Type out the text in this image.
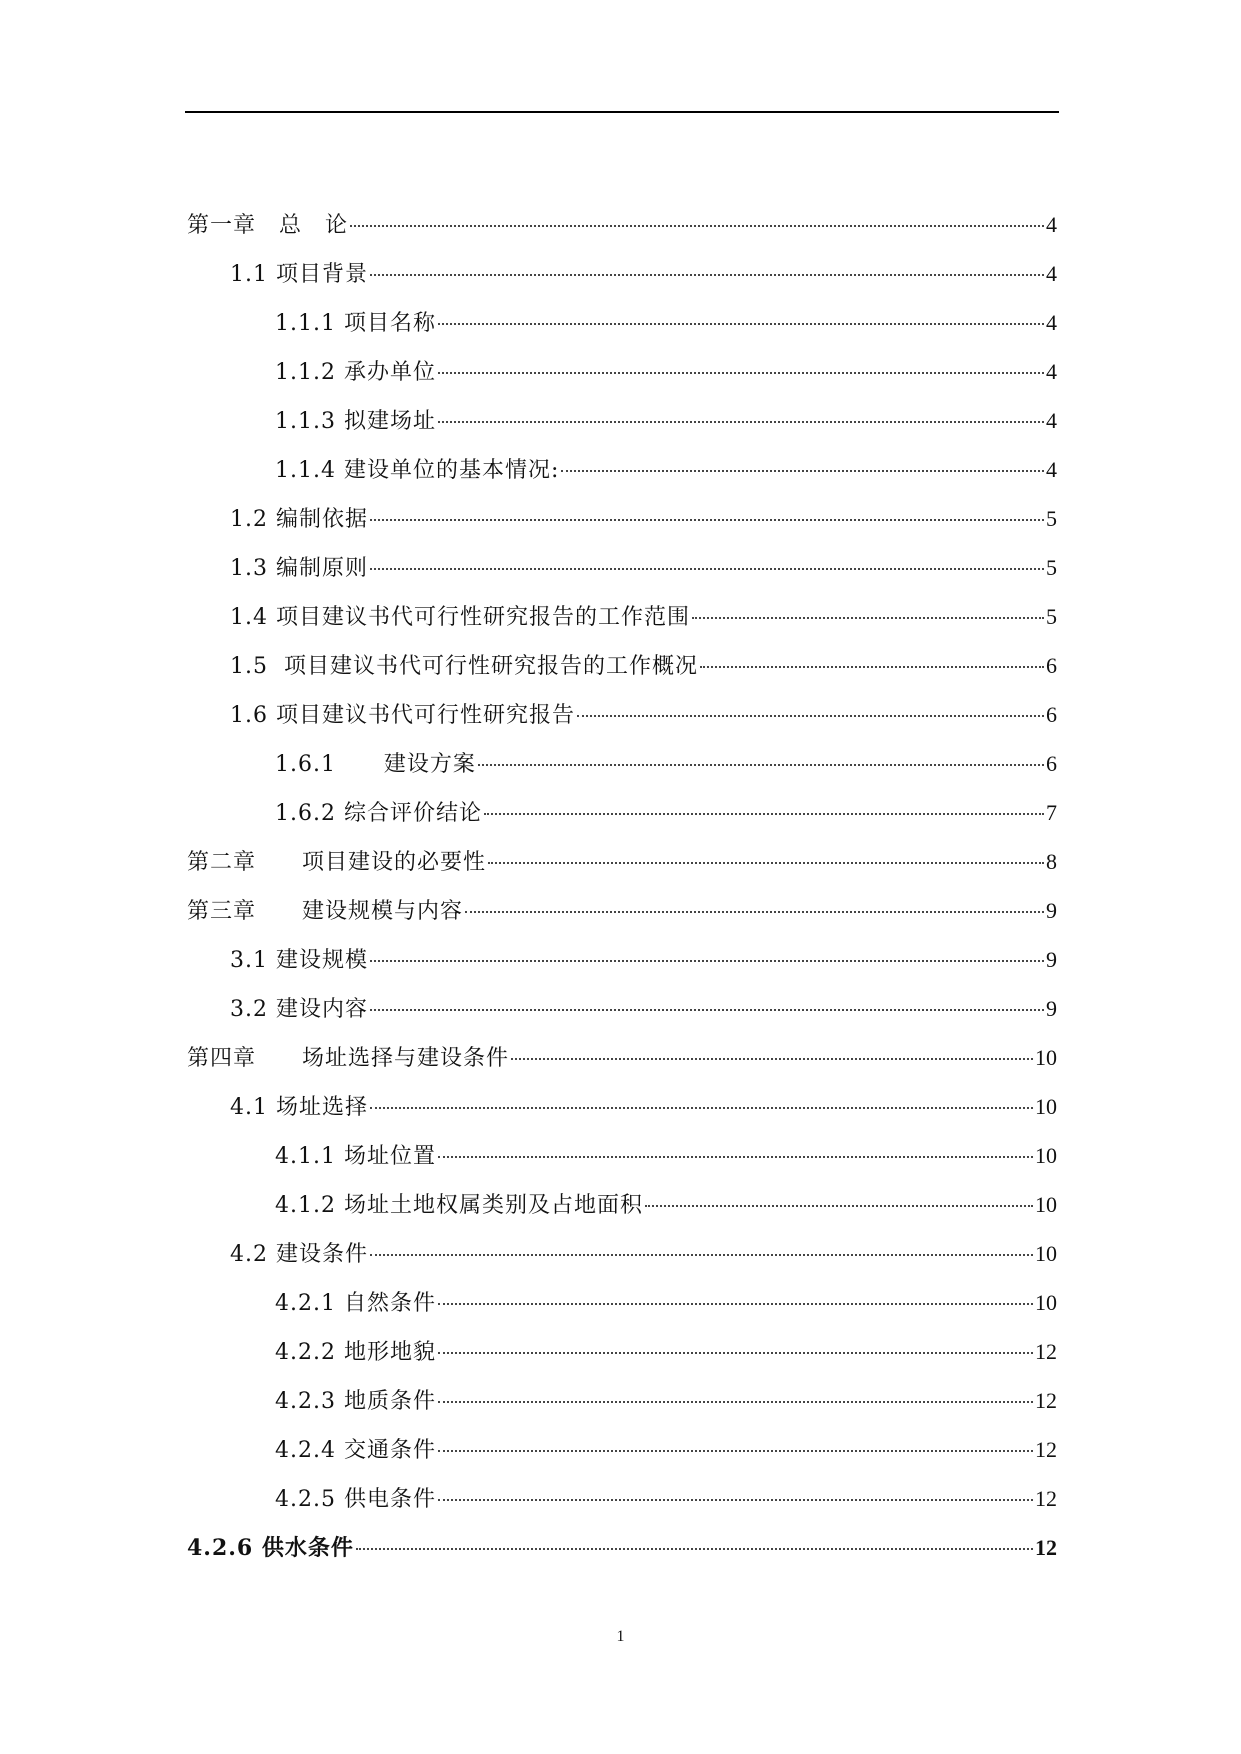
第一章　总　论	4
1.1 项目背景	4
1.1.1 项目名称	4
1.1.2 承办单位	4
1.1.3 拟建场址	4
1.1.4 建设单位的基本情况:	4
1.2 编制依据	5
1.3 编制原则	5
1.4 项目建议书代可行性研究报告的工作范围	5
1.5  项目建议书代可行性研究报告的工作概况	6
1.6 项目建议书代可行性研究报告	6
1.6.1      建设方案	6
1.6.2 综合评价结论	7
第二章　　项目建设的必要性	8
第三章　　建设规模与内容	9
3.1 建设规模	9
3.2 建设内容	9
第四章　　场址选择与建设条件	10
4.1 场址选择	10
4.1.1 场址位置	10
4.1.2 场址土地权属类别及占地面积	10
4.2 建设条件	10
4.2.1 自然条件	10
4.2.2 地形地貌	12
4.2.3 地质条件	12
4.2.4 交通条件	12
4.2.5 供电条件	12
4.2.6 供水条件	12
1
